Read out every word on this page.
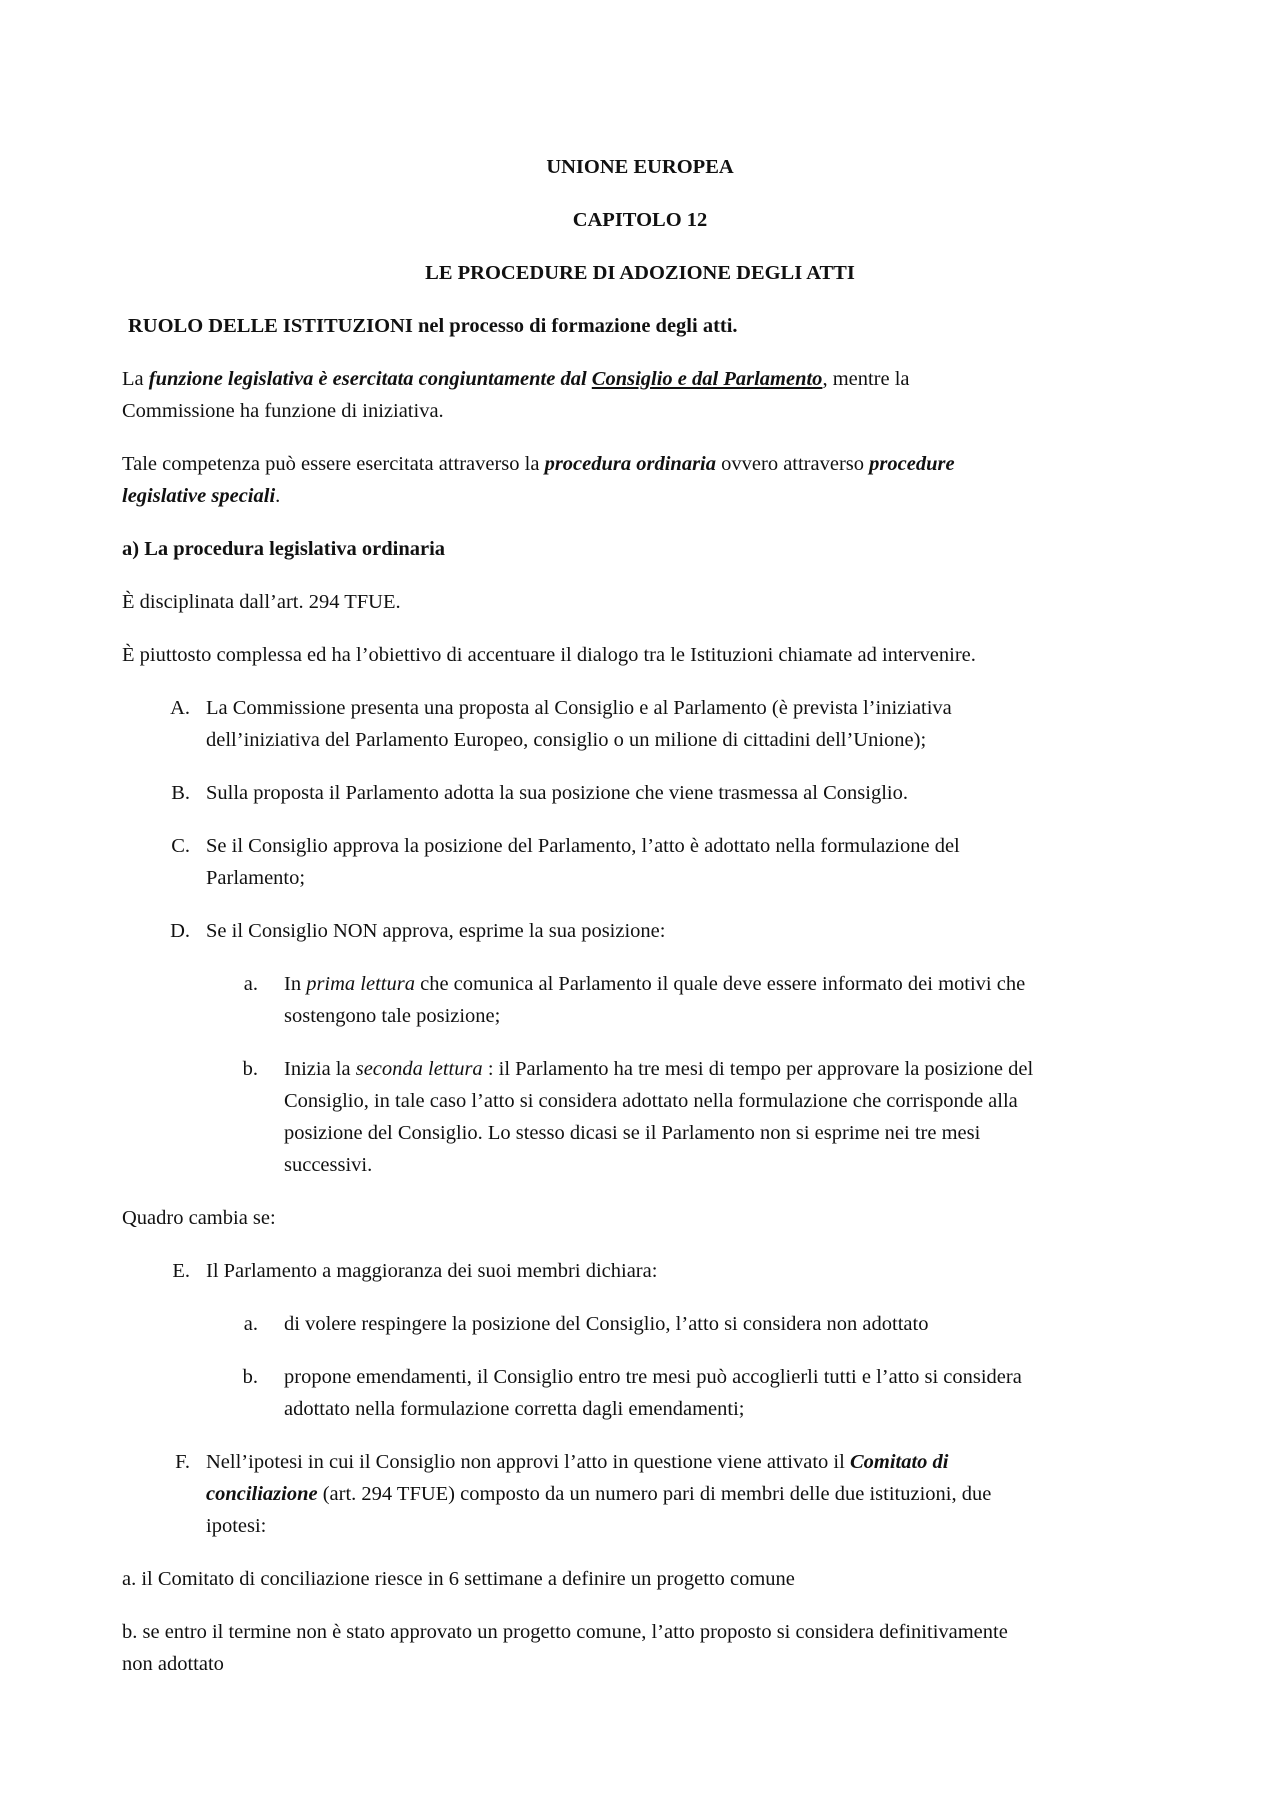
UNIONE EUROPEA
CAPITOLO 12
LE PROCEDURE DI ADOZIONE DEGLI ATTI
RUOLO DELLE ISTITUZIONI nel processo di formazione degli atti.
La funzione legislativa è esercitata congiuntamente dal Consiglio e dal Parlamento, mentre la
Commissione ha funzione di iniziativa.
Tale competenza può essere esercitata attraverso la procedura ordinaria ovvero attraverso procedure
legislative speciali.
a) La procedura legislativa ordinaria
È disciplinata dall’art. 294 TFUE.
È piuttosto complessa ed ha l’obiettivo di accentuare il dialogo tra le Istituzioni chiamate ad intervenire.
A. La Commissione presenta una proposta al Consiglio e al Parlamento (è prevista l’iniziativa
dell’iniziativa del Parlamento Europeo, consiglio o un milione di cittadini dell’Unione);
B. Sulla proposta il Parlamento adotta la sua posizione che viene trasmessa al Consiglio.
C. Se il Consiglio approva la posizione del Parlamento, l’atto è adottato nella formulazione del
Parlamento;
D. Se il Consiglio NON approva, esprime la sua posizione:
a. In prima lettura che comunica al Parlamento il quale deve essere informato dei motivi che
sostengono tale posizione;
b. Inizia la seconda lettura : il Parlamento ha tre mesi di tempo per approvare la posizione del
Consiglio, in tale caso l’atto si considera adottato nella formulazione che corrisponde alla
posizione del Consiglio. Lo stesso dicasi se il Parlamento non si esprime nei tre mesi
successivi.
Quadro cambia se:
E. Il Parlamento a maggioranza dei suoi membri dichiara:
a. di volere respingere la posizione del Consiglio, l’atto si considera non adottato
b. propone emendamenti, il Consiglio entro tre mesi può accoglierli tutti e l’atto si considera
adottato nella formulazione corretta dagli emendamenti;
F. Nell’ipotesi in cui il Consiglio non approvi l’atto in questione viene attivato il Comitato di
conciliazione (art. 294 TFUE) composto da un numero pari di membri delle due istituzioni, due
ipotesi:
a. il Comitato di conciliazione riesce in 6 settimane a definire un progetto comune
b. se entro il termine non è stato approvato un progetto comune, l’atto proposto si considera definitivamente
non adottato
